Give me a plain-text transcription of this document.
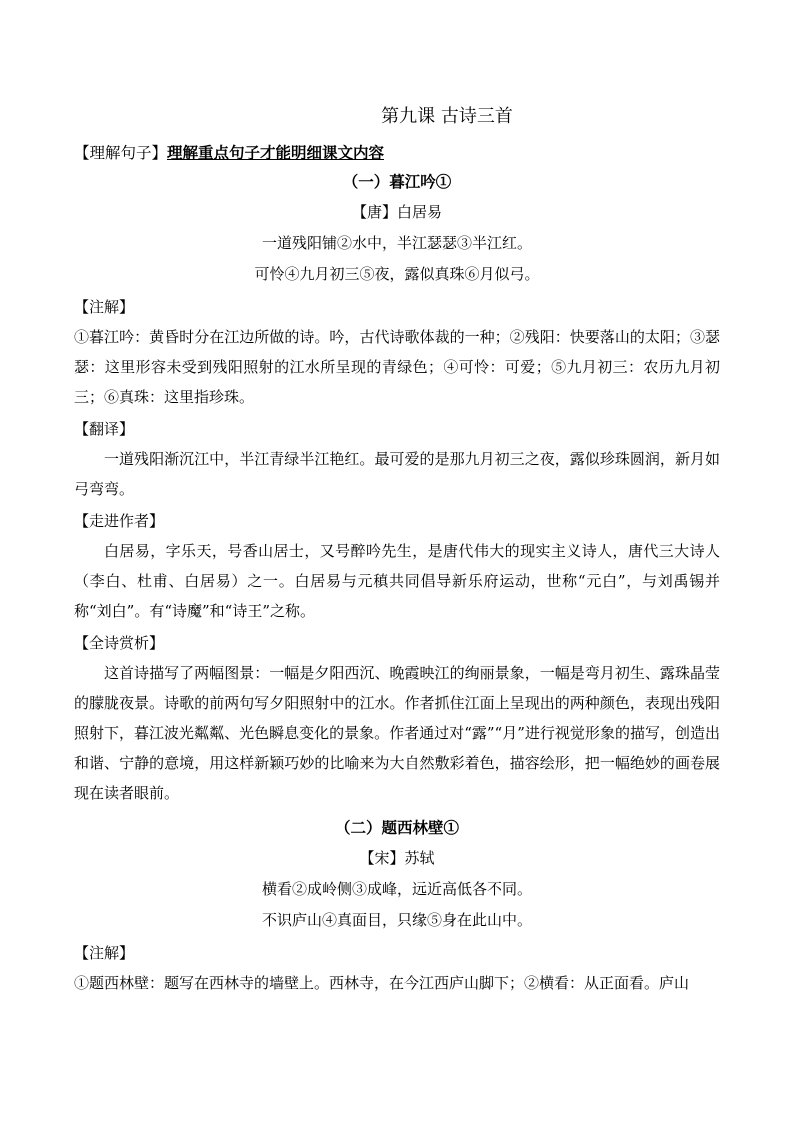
第九课 古诗三首
【理解句子】理解重点句子才能明细课文内容
（一）暮江吟①
【唐】白居易
一道残阳铺②水中，半江瑟瑟③半江红。
可怜④九月初三⑤夜，露似真珠⑥月似弓。
【注解】
①暮江吟：黄昏时分在江边所做的诗。吟，古代诗歌体裁的一种；②残阳：快要落山的太阳；③瑟瑟：这里形容未受到残阳照射的江水所呈现的青绿色；④可怜：可爱；⑤九月初三：农历九月初三；⑥真珠：这里指珍珠。
【翻译】
一道残阳渐沉江中，半江青绿半江艳红。最可爱的是那九月初三之夜，露似珍珠圆润，新月如弓弯弯。
【走进作者】
白居易，字乐天，号香山居士，又号醉吟先生，是唐代伟大的现实主义诗人，唐代三大诗人（李白、杜甫、白居易）之一。白居易与元稹共同倡导新乐府运动，世称“元白”，与刘禹锡并称“刘白”。有“诗魔”和“诗王”之称。
【全诗赏析】
这首诗描写了两幅图景：一幅是夕阳西沉、晚霞映江的绚丽景象，一幅是弯月初生、露珠晶莹的朦胧夜景。诗歌的前两句写夕阳照射中的江水。作者抓住江面上呈现出的两种颜色，表现出残阳照射下，暮江波光粼粼、光色瞬息变化的景象。作者通过对“露”“月”进行视觉形象的描写，创造出和谐、宁静的意境，用这样新颖巧妙的比喻来为大自然敷彩着色，描容绘形，把一幅绝妙的画卷展现在读者眼前。
（二）题西林壁①
【宋】苏轼
横看②成岭侧③成峰，远近高低各不同。
不识庐山④真面目，只缘⑤身在此山中。
【注解】
①题西林壁：题写在西林寺的墙壁上。西林寺，在今江西庐山脚下；②横看：从正面看。庐山
